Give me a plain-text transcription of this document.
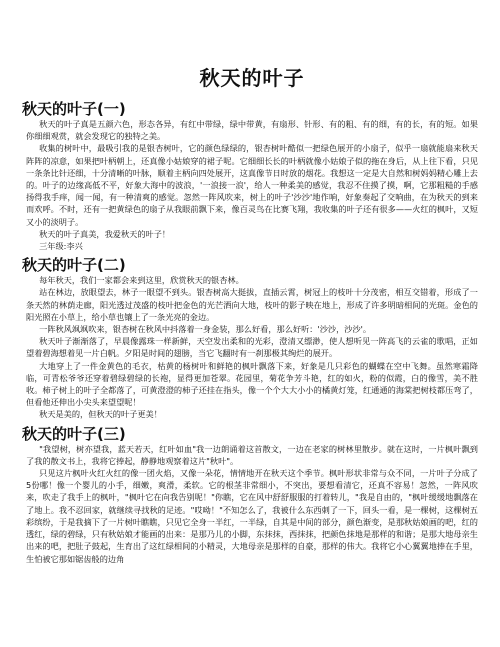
秋天的叶子
秋天的叶子(一)

秋天的叶子真是五颜六色，形态各异，有红中带绿，绿中带黄，有扇形、针形、有的粗、有的细，有的长，有的短。如果你细细观赏，就会发现它的独特之美。

收集的树叶中，最吸引我的是银杏树叶，它的颜色绿绿的，银杏树叶酷似一把绿色展开的小扇子，似乎一扇就能扇来秋天阵阵的凉意，如果把叶柄朝上，还真像小姑娘穿的裙子呢。它细细长长的叶柄就像小姑娘子似的拖在身后，从上往下看，只见一条条比针还细，十分清晰的叶脉，顺着主柄向四处展开，这真像节日时放的烟花。我想这一定是大自然和树妈妈精心雕上去的。叶子的边缘高低不平，好象大海中的波浪，'一浪接一浪'，给人一种柔美的感觉，我忍不住摸了摸，啊，它那粗糙的手感扬得我手痒，闻一闻，有一种清爽的感觉。忽然一阵风吹来，树上的叶子'沙沙'地作响，好象奏起了交响曲，在为秋天的到来而欢呼。不时，还有一把黄绿色的扇子从我眼前飘下来，像百灵鸟在比赛飞翔，我收集的叶子还有很多——火红的枫叶，又短又小的淡明子。

秋天的叶子真美，我爱秋天的叶子！

三年级:李兴

秋天的叶子(二)

每年秋天，我们一家都会来到这里，欣赏秋天的银杏林。

站在林边，放眼望去，林子一眼望不到头。银杏树高大挺拔，直插云霄，树冠上的枝叶十分茂密，相互交错着，形成了一条天然的林荫走廊，阳光透过茂盛的枝叶把金色的光芒洒向大地，枝叶的影子映在地上，形成了许多明暗相间的光斑。金色的阳光照在小草上，给小草也镶上了一条光亮的金边。

一阵秋风飒飒吹来，银杏树在秋风中抖落着一身金装，那么好看，那么好听：'沙沙，沙沙'。

秋天叶子渐渐落了，早晨像露珠一样新鲜，天空发出柔和的光彩，澄清又缥渺，使人想听见一阵高飞的云雀的歌唱，正如望着碧海想着见一片白帆。夕阳是时间的翅膀，当它飞翻时有一刹那极其绚烂的展开。

大地穿上了一件金黄色的毛衣，枯黄的杨树叶和鲜艳的枫叶飘落下来，好象是几只彩色的蝴蝶在空中飞舞。虽然寒霜降临，可青松爷爷还穿着碧绿碧绿的长袍，显得更加苍翠。花园里，菊花争芳斗艳，红的如火，粉的似霞，白的像雪，美不胜收。柿子树上的叶子全都落了，可黄澄澄的柿子还挂在指头，像一个个大大小小的橘黄灯笼，红通通的海棠把树枝都压弯了，但看他还伸出小尖头来望望呢！

秋天是美的，但秋天的叶子更美！

秋天的叶子(三)

"我望树，树亦望我，蓝天若天，红叶如血"我一边朗诵着这首散文，一边在老家的树林里散步。就在这时，一片枫叶飘到了我的散文书上，我将它捧起，静静地观察着这片"秋叶"。

只见这片枫叶火红火红的像一团火焰，又像一朵花，情情地开在秋天这个季节。枫叶形状非常与众不同，一片叶子分成了5份哪！像一个婴儿的小手，细嫩，爽滑，柔软。它的根茎非常细小，不突出，要想看清它，还真不容易！忽然，一阵风吹来，吹走了我手上的枫叶，"枫叶它在向我告别呢！"你瞧，它在风中舒舒服服的打着转儿，"我是自由的，"枫叶缓缓地飘落在了地上。我不忍回家，就继续寻找秋的足迹。"哎呦！"不知怎么了，我被什么东西刺了一下，回头一看，是一棵树，这棵树五彩缤纷，于是我摘下了一片树叶瞧瞧，只见它全身一半红，一半绿，自其是中间的部分，颜色渐变，是那秋姑娘画的吧，红的透红，绿的碧绿，只有秋姑娘才能画的出来：是那乃儿的小脚，东抹抹，西抹抹，把颜色抹地是那样的和谐；是那大地母亲生出来的吧，把肚子鼓起，生育出了这红绿相间的小精灵，大地母亲是那样的自豪，那样的伟大。我将它小心翼翼地捧在手里，生怕被它那如锯齿般的边角
